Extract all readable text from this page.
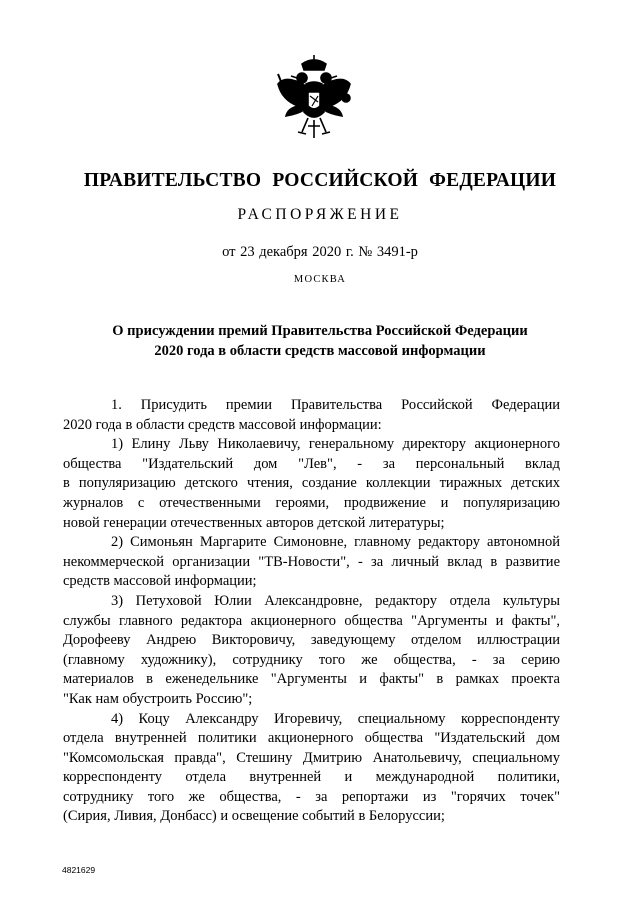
ПРАВИТЕЛЬСТВО РОССИЙСКОЙ ФЕДЕРАЦИИ
РАСПОРЯЖЕНИЕ
от 23 декабря 2020 г. № 3491-р
МОСКВА
О присуждении премий Правительства Российской Федерации
2020 года в области средств массовой информации
1. Присудить премии Правительства Российской Федерации
2020 года в области средств массовой информации:
1) Елину Льву Николаевичу, генеральному директору акционерного
общества "Издательский дом "Лев", - за персональный вклад
в популяризацию детского чтения, создание коллекции тиражных детских
журналов с отечественными героями, продвижение и популяризацию
новой генерации отечественных авторов детской литературы;
2) Симоньян Маргарите Симоновне, главному редактору автономной
некоммерческой организации "ТВ-Новости", - за личный вклад в развитие
средств массовой информации;
3) Петуховой Юлии Александровне, редактору отдела культуры
службы главного редактора акционерного общества "Аргументы и факты",
Дорофееву Андрею Викторовичу, заведующему отделом иллюстрации
(главному художнику), сотруднику того же общества, - за серию
материалов в еженедельнике "Аргументы и факты" в рамках проекта
"Как нам обустроить Россию";
4) Коцу Александру Игоревичу, специальному корреспонденту
отдела внутренней политики акционерного общества "Издательский дом
"Комсомольская правда", Стешину Дмитрию Анатольевичу, специальному
корреспонденту отдела внутренней и международной политики,
сотруднику того же общества, - за репортажи из "горячих точек"
(Сирия, Ливия, Донбасс) и освещение событий в Белоруссии;
4821629
